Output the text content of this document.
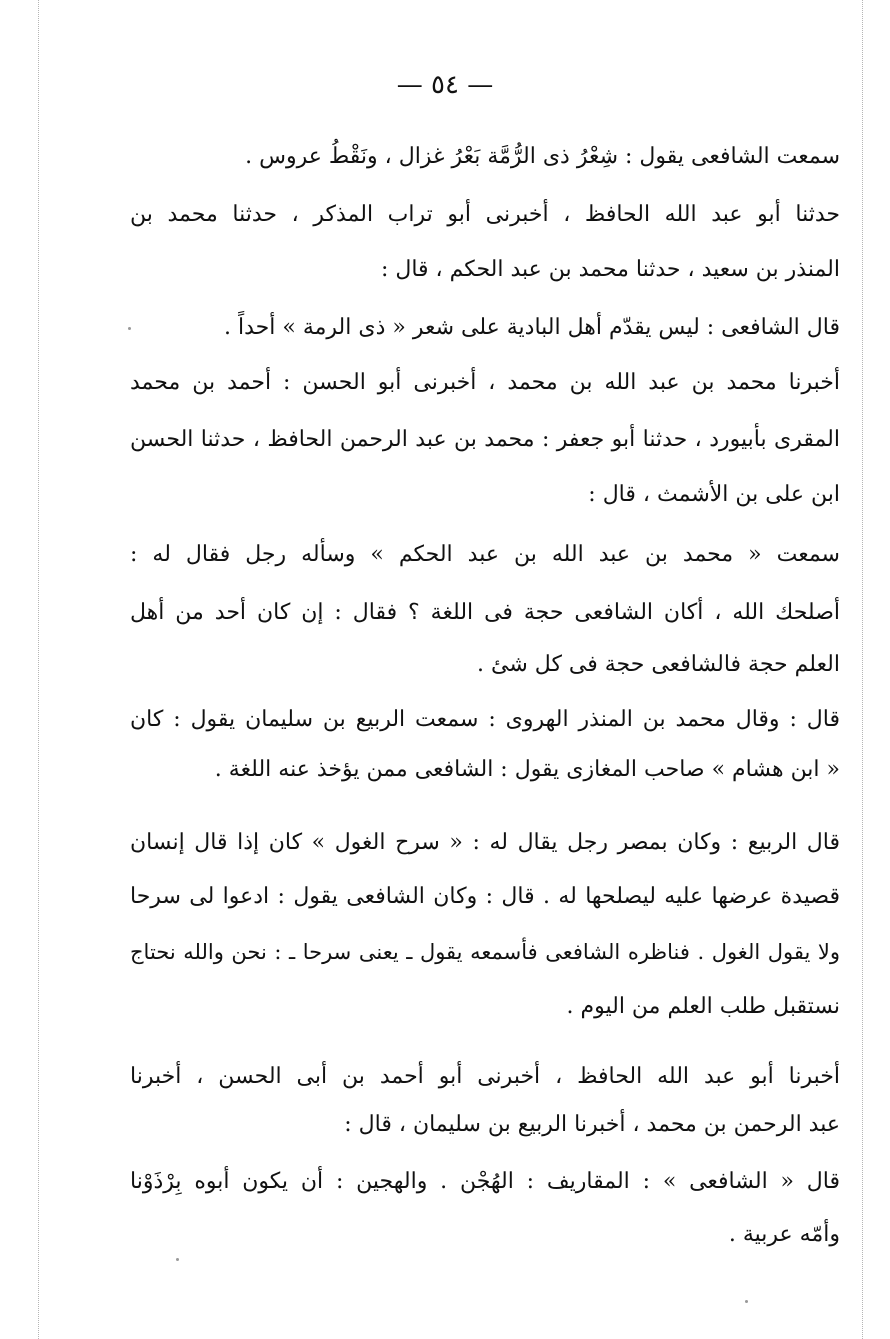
— ٥٤ —
سمعت الشافعى يقول : شِعْرُ ذى الرُّمَّة بَعْرُ غزال ، ونَقْطُ عروس .
حدثنا أبو عبد الله الحافظ ، أخبرنى أبو تراب المذكر ، حدثنا محمد بن
المنذر بن سعيد ، حدثنا محمد بن عبد الحكم ، قال :
قال الشافعى : ليس يقدّم أهل البادية على شعر « ذى الرمة » أحداً .
أخبرنا محمد بن عبد الله بن محمد ، أخبرنى أبو الحسن : أحمد بن محمد
المقرى بأبيورد ، حدثنا أبو جعفر : محمد بن عبد الرحمن الحافظ ، حدثنا الحسن
ابن على بن الأشمث ، قال :
سمعت « محمد بن عبد الله بن عبد الحكم » وسأله رجل فقال له :
أصلحك الله ، أكان الشافعى حجة فى اللغة ؟ فقال : إن كان أحد من أهل
العلم حجة فالشافعى حجة فى كل شئ .
قال : وقال محمد بن المنذر الهروى : سمعت الربيع بن سليمان يقول : كان
« ابن هشام » صاحب المغازى يقول : الشافعى ممن يؤخذ عنه اللغة .
قال الربيع : وكان بمصر رجل يقال له : « سرح الغول » كان إذا قال إنسان
قصيدة عرضها عليه ليصلحها له . قال : وكان الشافعى يقول : ادعوا لى سرحا
ولا يقول الغول . فناظره الشافعى فأسمعه يقول ـ يعنى سرحا ـ : نحن والله نحتاج
نستقبل طلب العلم من اليوم .
أخبرنا أبو عبد الله الحافظ ، أخبرنى أبو أحمد بن أبى الحسن ، أخبرنا
عبد الرحمن بن محمد ، أخبرنا الربيع بن سليمان ، قال :
قال « الشافعى » : المقاريف : الهُجْن . والهجين : أن يكون أبوه بِرْذَوْنا
وأمّه عربية .
